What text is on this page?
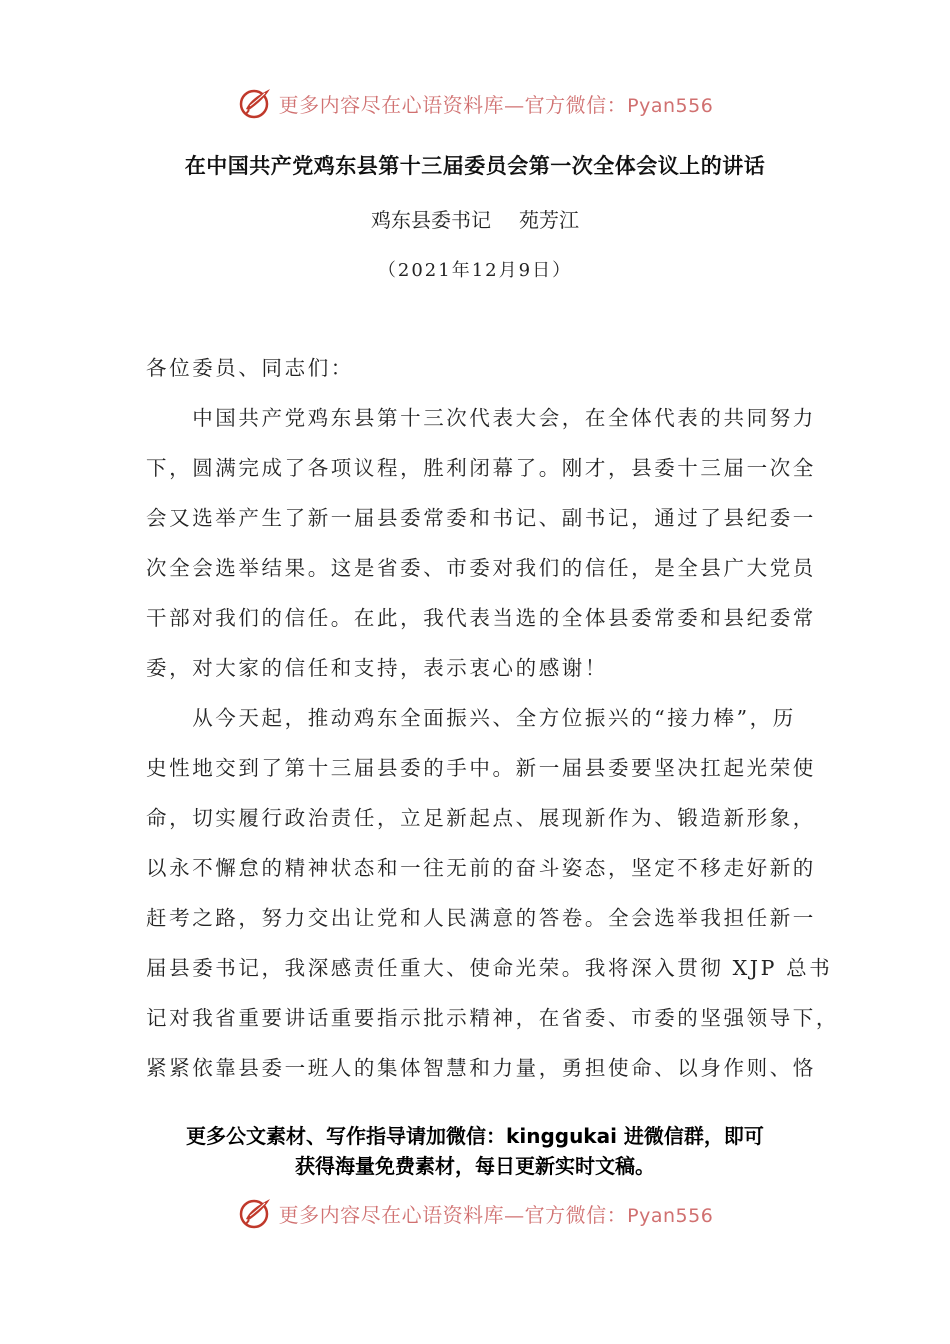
更多内容尽在心语资料库—官方微信：Pyan556
在中国共产党鸡东县第十三届委员会第一次全体会议上的讲话
鸡东县委书记 苑芳江
（2021年12月9日）
各位委员、同志们：
　　中国共产党鸡东县第十三次代表大会，在全体代表的共同努力
下，圆满完成了各项议程，胜利闭幕了。刚才，县委十三届一次全
会又选举产生了新一届县委常委和书记、副书记，通过了县纪委一
次全会选举结果。这是省委、市委对我们的信任，是全县广大党员
干部对我们的信任。在此，我代表当选的全体县委常委和县纪委常
委，对大家的信任和支持，表示衷心的感谢！
　　从今天起，推动鸡东全面振兴、全方位振兴的“接力棒”，历
史性地交到了第十三届县委的手中。新一届县委要坚决扛起光荣使
命，切实履行政治责任，立足新起点、展现新作为、锻造新形象，
以永不懈怠的精神状态和一往无前的奋斗姿态，坚定不移走好新的
赶考之路，努力交出让党和人民满意的答卷。全会选举我担任新一
届县委书记，我深感责任重大、使命光荣。我将深入贯彻 XJP 总书
记对我省重要讲话重要指示批示精神，在省委、市委的坚强领导下，
紧紧依靠县委一班人的集体智慧和力量，勇担使命、以身作则、恪
更多公文素材、写作指导请加微信：kinggukai 进微信群，即可
获得海量免费素材，每日更新实时文稿。
更多内容尽在心语资料库—官方微信：Pyan556
